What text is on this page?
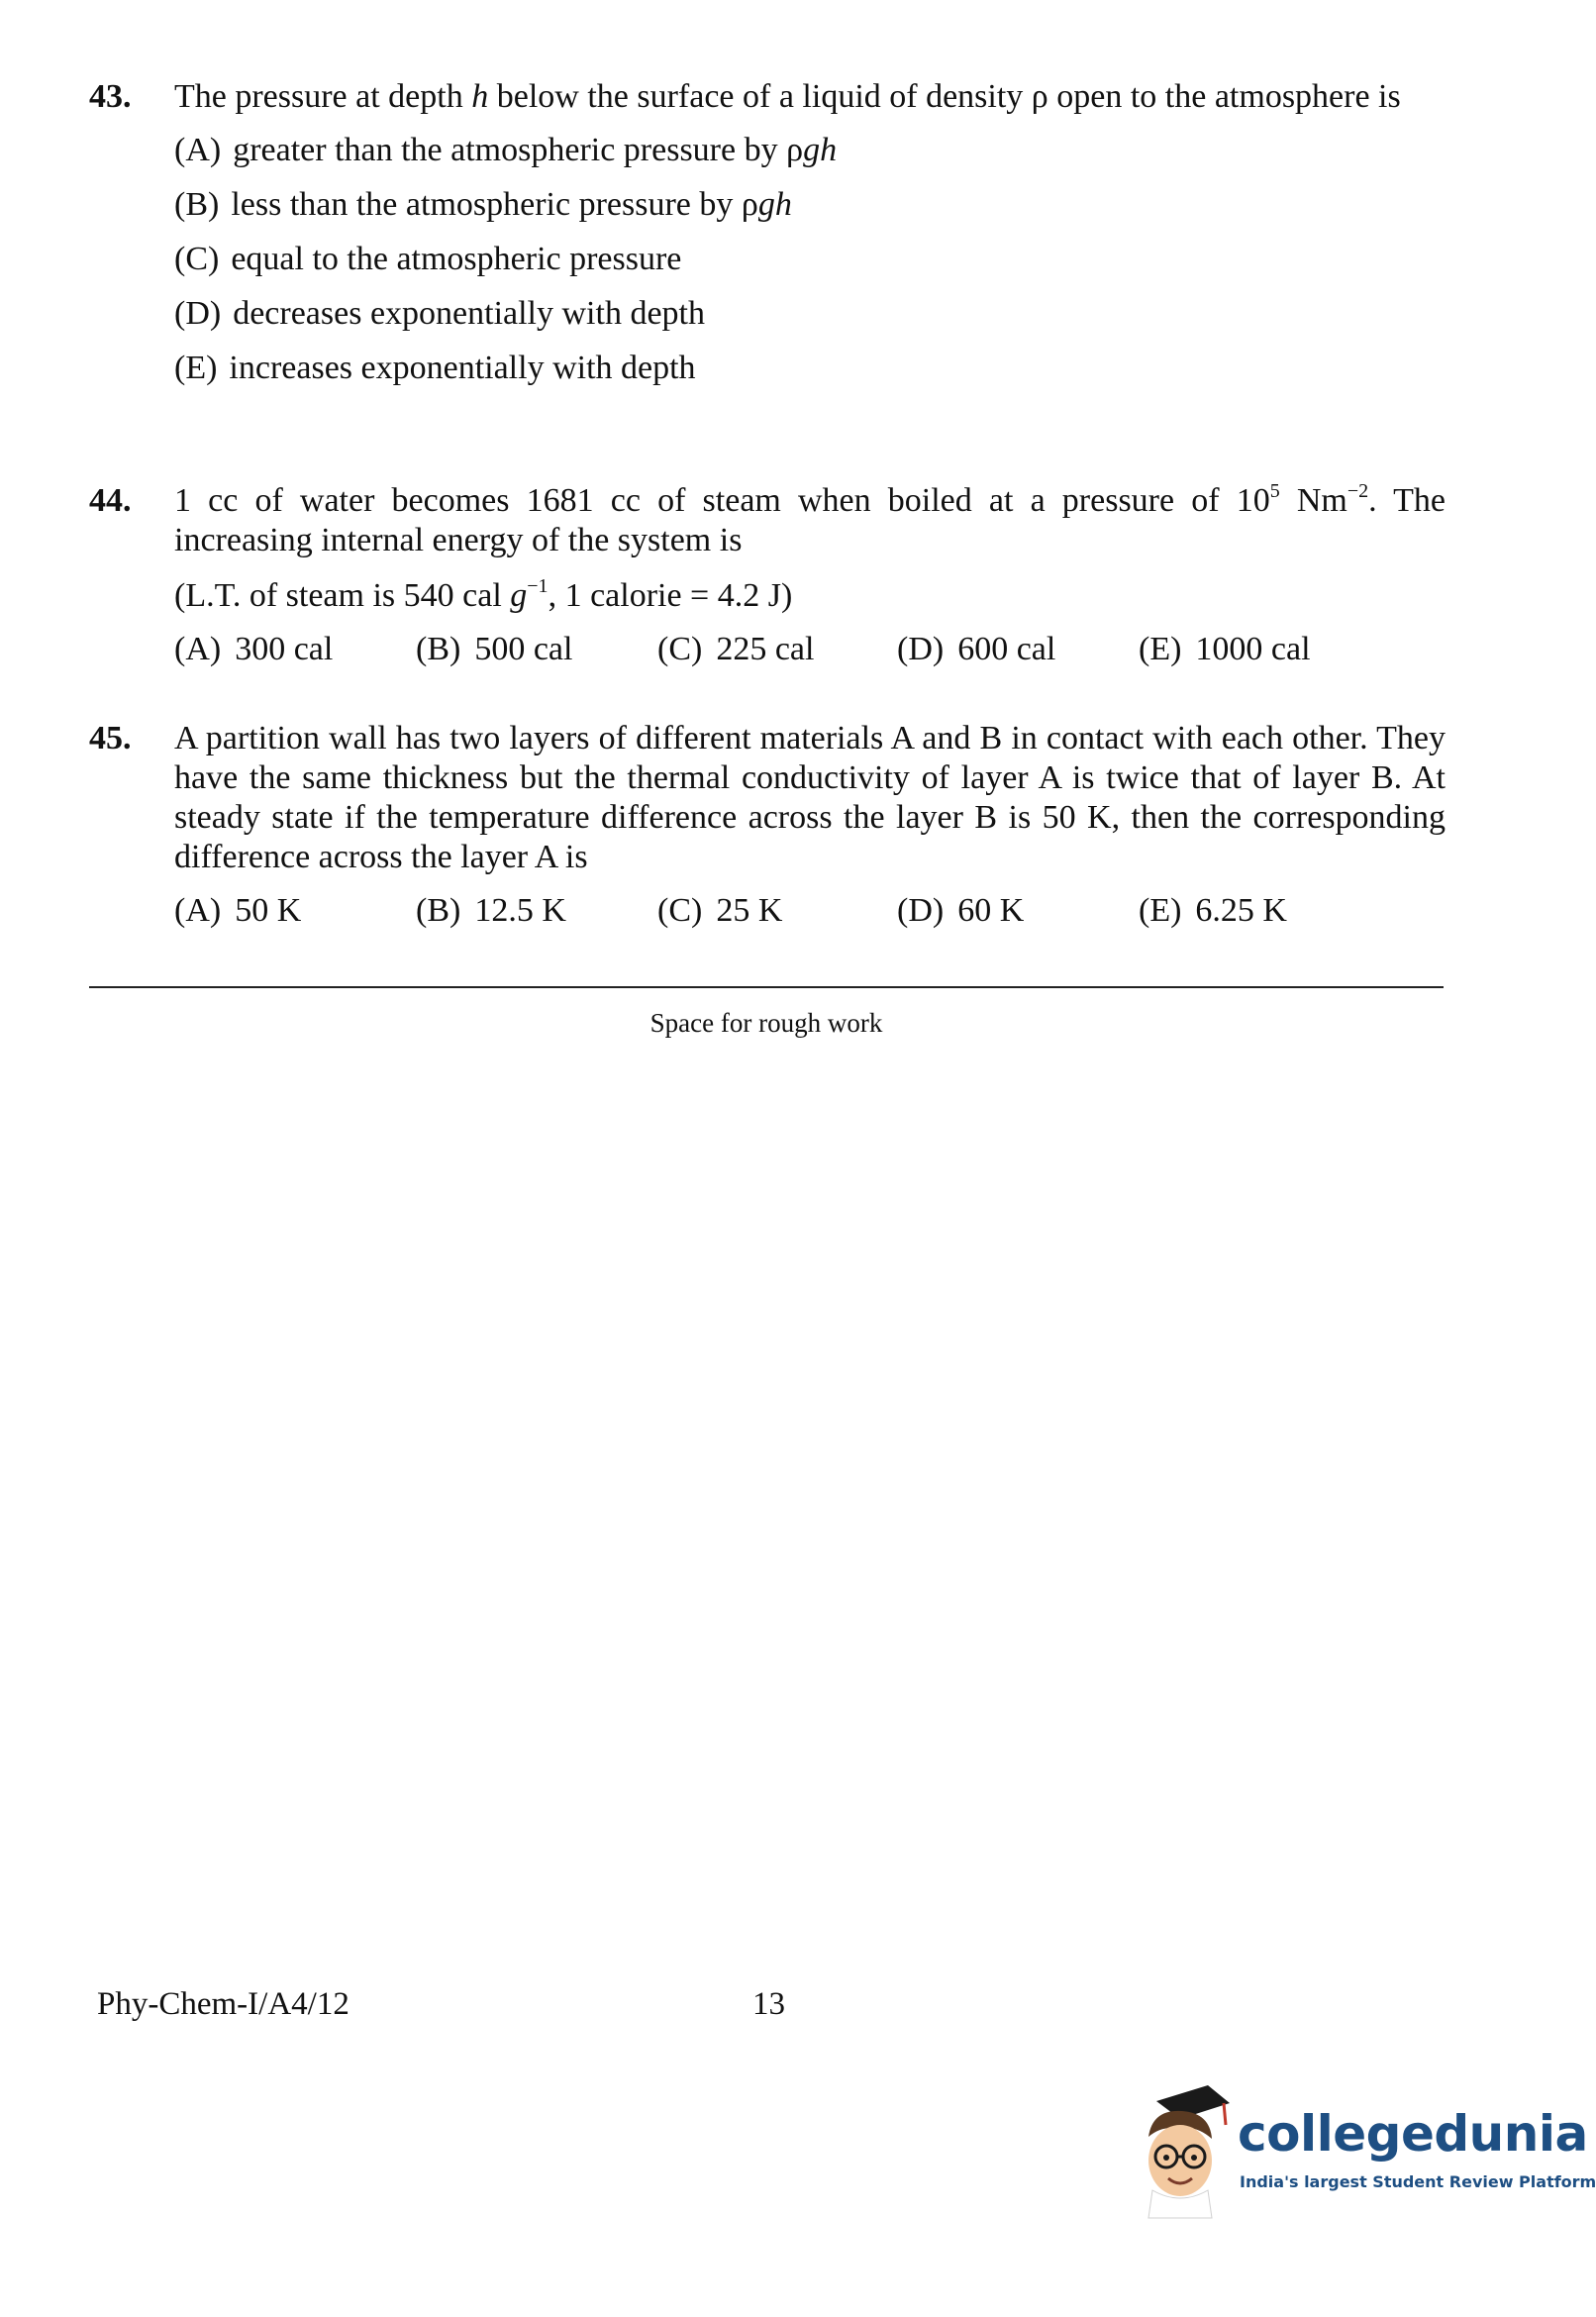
43.	The pressure at depth h below the surface of a liquid of density ρ open to the atmosphere is
(A) greater than the atmospheric pressure by ρgh
(B) less than the atmospheric pressure by ρgh
(C) equal to the atmospheric pressure
(D) decreases exponentially with depth
(E) increases exponentially with depth
44.	1 cc of water becomes 1681 cc of steam when boiled at a pressure of $10^5$ $Nm^{-2}$. The increasing internal energy of the system is
(L.T. of steam is 540 cal $g^{-1}$, 1 calorie = 4.2 J)
(A) 300 cal (B) 500 cal	(C) 225 cal (D) 600 cal (E) 1000 cal
45.	A partition wall has two layers of different materials A and B in contact with each other. They have the same thickness but the thermal conductivity of layer A is twice that of layer B. At steady state if the temperature difference across the layer B is 50 K, then the corresponding difference across the layer A is
(A) 50 K	(B) 12.5 K	(C) 25 K	(D) 60 K	(E) 6.25 K
Space for rough work
Phy-Chem-I/A4/12	13
collegedunia
India's largest Student Review Platform
